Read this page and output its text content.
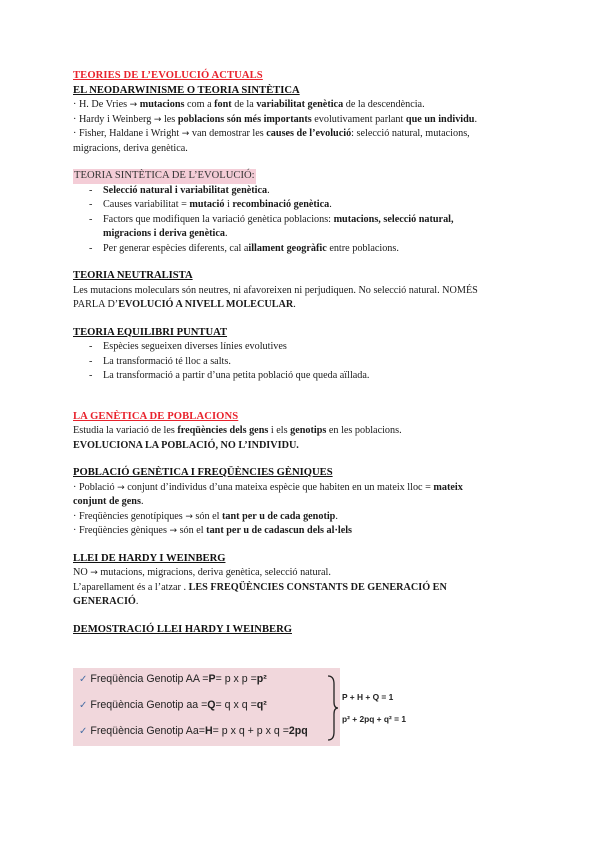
TEORIES DE L’EVOLUCIÓ ACTUALS

EL NEODARWINISME O TEORIA SINTÈTICA

· H. De Vries → mutacions com a font de la variabilitat genètica de la descendència.

· Hardy i Weinberg → les poblacions són més importants evolutivament parlant que un individu.

· Fisher, Haldane i Wright → van demostrar les causes de l’evolució: selecció natural, mutacions,

migracions, deriva genètica.

TEORIA SINTÈTICA DE L’EVOLUCIÓ:
- Selecció natural i variabilitat genètica.
- Causes variabilitat = mutació i recombinació genètica.
- Factors que modifiquen la variació genètica poblacions: mutacions, selecció natural,
migracions i deriva genètica.
- Per generar espècies diferents, cal aillament geogràfic entre poblacions.

TEORIA NEUTRALISTA

Les mutacions moleculars són neutres, ni afavoreixen ni perjudiquen. No selecció natural. NOMÉS

PARLA D’EVOLUCIÓ A NIVELL MOLECULAR.

TEORIA EQUILIBRI PUNTUAT

- Espècies segueixen diverses línies evolutives
- La transformació té lloc a salts.
- La transformació a partir d’una petita població que queda aïllada.

LA GENÈTICA DE POBLACIONS

Estudia la variació de les freqüències dels gens i els genotips en les poblacions.

EVOLUCIONA LA POBLACIÓ, NO L’INDIVIDU.

POBLACIÓ GENÈTICA I FREQÜÈNCIES GÈNIQUES

· Població → conjunt d’individus d’una mateixa espècie que habiten en un mateix lloc = mateix
conjunt de gens.

· Freqüències genotípiques → són el tant per u de cada genotip.

· Freqüències gèniques → són el tant per u de cadascun dels al·lels

LLEI DE HARDY I WEINBERG

NO → mutacions, migracions, deriva genètica, selecció natural.

L’aparellament és a l’atzar . LES FREQÜÈNCIES CONSTANTS DE GENERACIÓ EN

GENERACIÓ.

DEMOSTRACIÓ LLEI HARDY I WEINBERG

✓ Freqüència Genotip AA = P = p x p = p²
✓ Freqüència Genotip aa = Q = q x q = q²
✓ Freqüència Genotip Aa= H = p x q + p x q = 2pq
P + H + Q = 1
p² + 2pq + q² = 1
